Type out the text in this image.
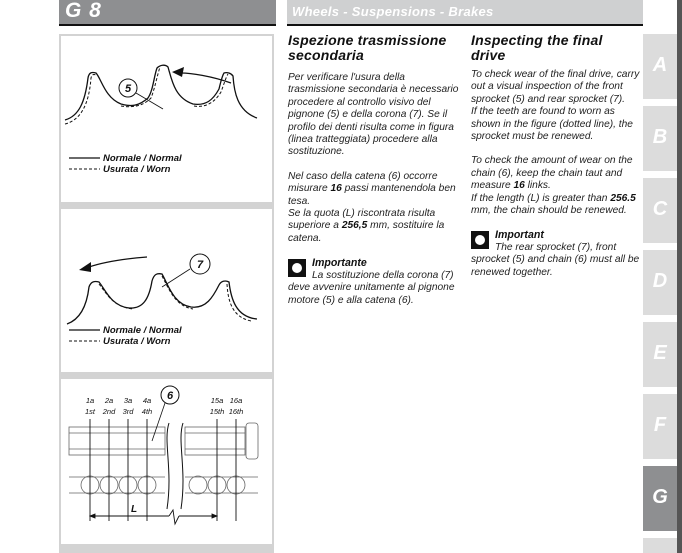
G 8	Wheels - Suspensions - Brakes
5
Normale / Normal
Usurata / Worn
7
Normale / Normal
Usurata / Worn
1a
1st
2a
2nd
3a
3rd
4a
4th
15a
15th
16a
16th
L
6
Ispezione trasmissione secondaria

Per verificare l'usura della trasmissione secondaria è necessario procedere al controllo visivo del pignone (5) e della corona (7). Se il profilo dei denti risulta come in figura (linea tratteggiata) procedere alla sostituzione.

Nel caso della catena (6) occorre misurare 16 passi mantenendola ben tesa.

Se la quota (L) riscontrata risulta superiore a 256,5 mm, sostituire la catena.

Importante
La sostituzione della corona (7) deve avvenire unitamente al pignone motore (5) e alla catena (6).
Inspecting the final drive

To check wear of the final drive, carry out a visual inspection of the front sprocket (5) and rear sprocket (7).

If the teeth are found to worn as shown in the figure (dotted line), the sprocket must be renewed.

To check the amount of wear on the chain (6), keep the chain taut and measure 16 links.

If the length (L) is greater than 256.5 mm, the chain should be renewed.

Important
The rear sprocket (7), front sprocket (5) and chain (6) must all be renewed together.
A
B
C
D
E
F
G
